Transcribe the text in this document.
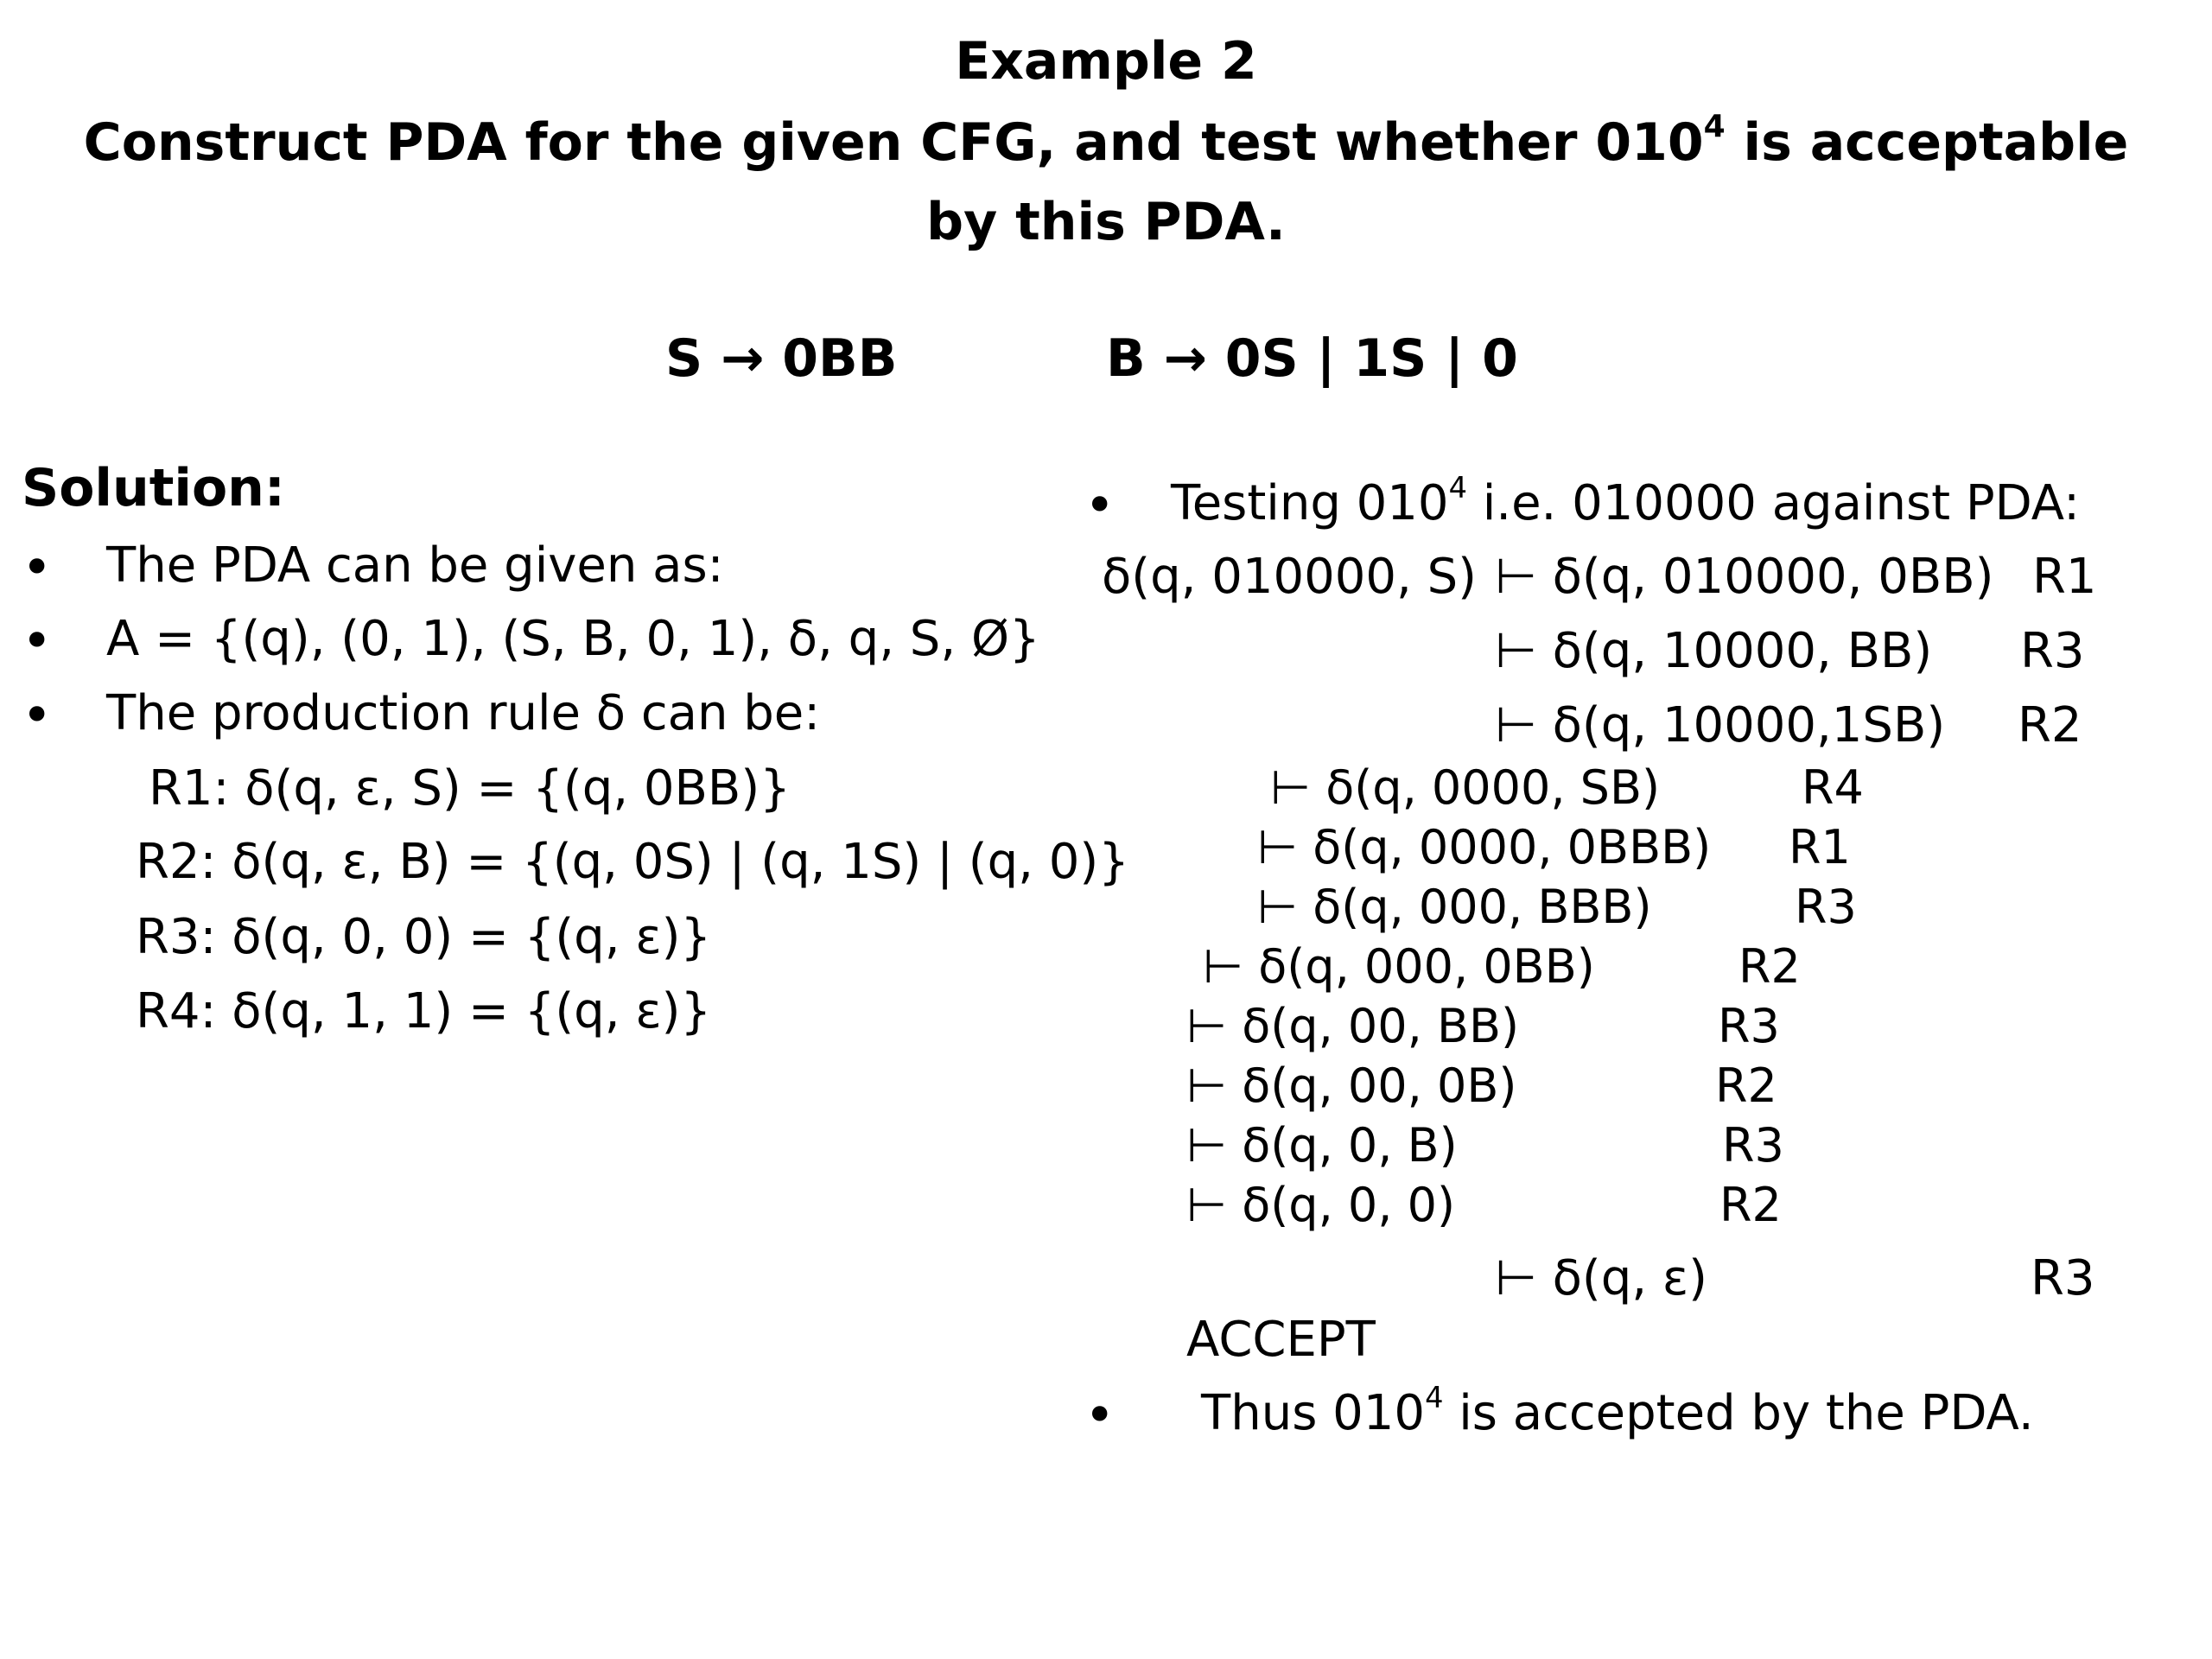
Example 2
Construct PDA for the given CFG, and test whether $010^4$ is acceptable
by this PDA.
S → 0BB	B → 0S | 1S | 0
Solution:
• The PDA can be given as:
• A = {(q), (0, 1), (S, B, 0, 1), δ, q, S, Ø}
• The production rule δ can be:
R1: δ(q, ε, S) = {(q, 0BB)}
R2: δ(q, ε, B) = {(q, 0S) | (q, 1S) | (q, 0)}
R3: δ(q, 0, 0) = {(q, ε)}
R4: δ(q, 1, 1) = {(q, ε)}
• Testing $010^4$ i.e. 010000 against PDA:
δ(q, 010000, S) ⊢ δ(q, 010000, 0BB) R1
⊢ δ(q, 10000, BB) R3
⊢ δ(q, 10000,1SB) R2
⊢ δ(q, 0000, SB)	R4
⊢ δ(q, 0000, 0BBB) R1
⊢ δ(q, 000, BBB)	R3
⊢ δ(q, 000, 0BB)	R2
⊢ δ(q, 00, BB)	R3
⊢ δ(q, 00, 0B)	R2
⊢ δ(q, 0, B)	R3
⊢ δ(q, 0, 0)	R2
⊢ δ(q, ε)	R3
ACCEPT
• Thus $010^4$ is accepted by the PDA.
